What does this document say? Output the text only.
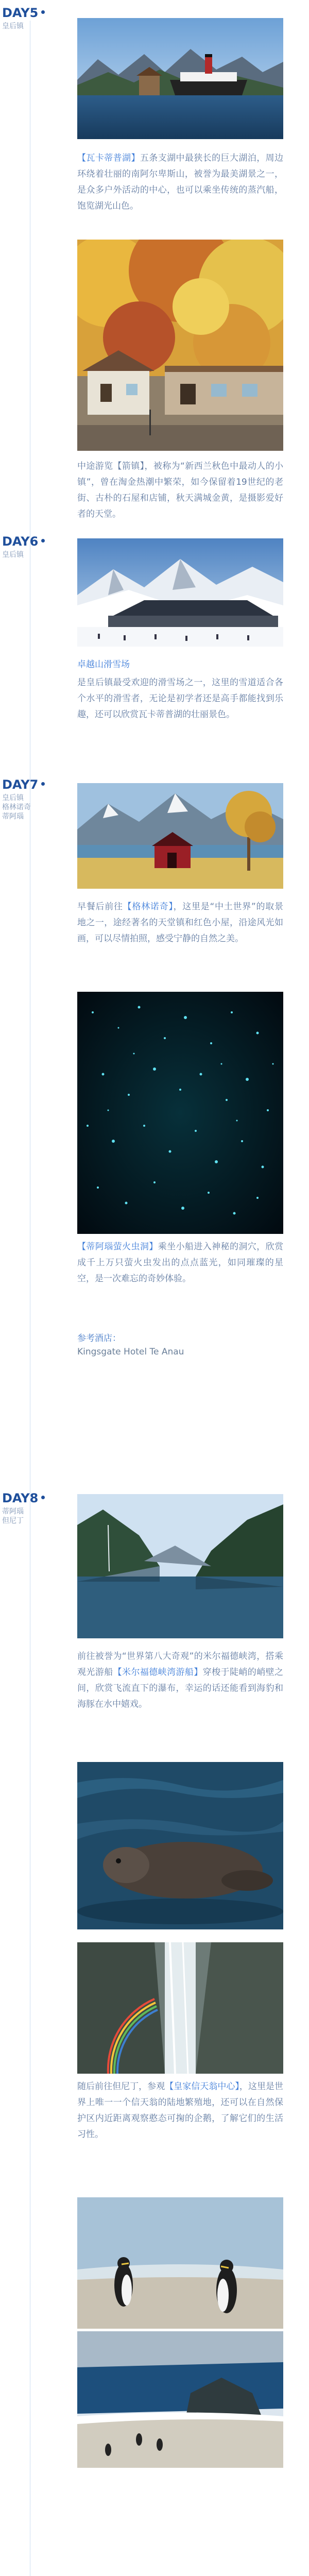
DAY5
皇后镇
DAY6
皇后镇
DAY7
皇后镇
格林诺奇
蒂阿瑙
DAY8
蒂阿瑙
但尼丁
【瓦卡蒂普湖】五条支湖中最狭长的巨大湖泊，周边环绕着壮丽的南阿尔卑斯山，被誉为最美湖景之一，是众多户外活动的中心，也可以乘坐传统的蒸汽船，饱览湖光山色。
中途游览【箭镇】，被称为“新西兰秋色中最动人的小镇”，曾在淘金热潮中繁荣，如今保留着19世纪的老街、古朴的石屋和店铺，秋天满城金黄，是摄影爱好者的天堂。
卓越山滑雪场
是皇后镇最受欢迎的滑雪场之一，这里的雪道适合各个水平的滑雪者，无论是初学者还是高手都能找到乐趣，还可以欣赏瓦卡蒂普湖的壮丽景色。
早餐后前往【格林诺奇】，这里是“中土世界”的取景地之一，途经著名的天堂镇和红色小屋，沿途风光如画，可以尽情拍照，感受宁静的自然之美。
【蒂阿瑙萤火虫洞】乘坐小船进入神秘的洞穴，欣赏成千上万只萤火虫发出的点点蓝光，如同璀璨的星空，是一次难忘的奇妙体验。
参考酒店：
Kingsgate Hotel Te Anau
前往被誉为“世界第八大奇观”的米尔福德峡湾，搭乘观光游船【米尔福德峡湾游船】穿梭于陡峭的峭壁之间，欣赏飞流直下的瀑布，幸运的话还能看到海豹和海豚在水中嬉戏。
随后前往但尼丁，参观【皇家信天翁中心】，这里是世界上唯一一个信天翁的陆地繁殖地，还可以在自然保护区内近距离观察憨态可掬的企鹅，了解它们的生活习性。
